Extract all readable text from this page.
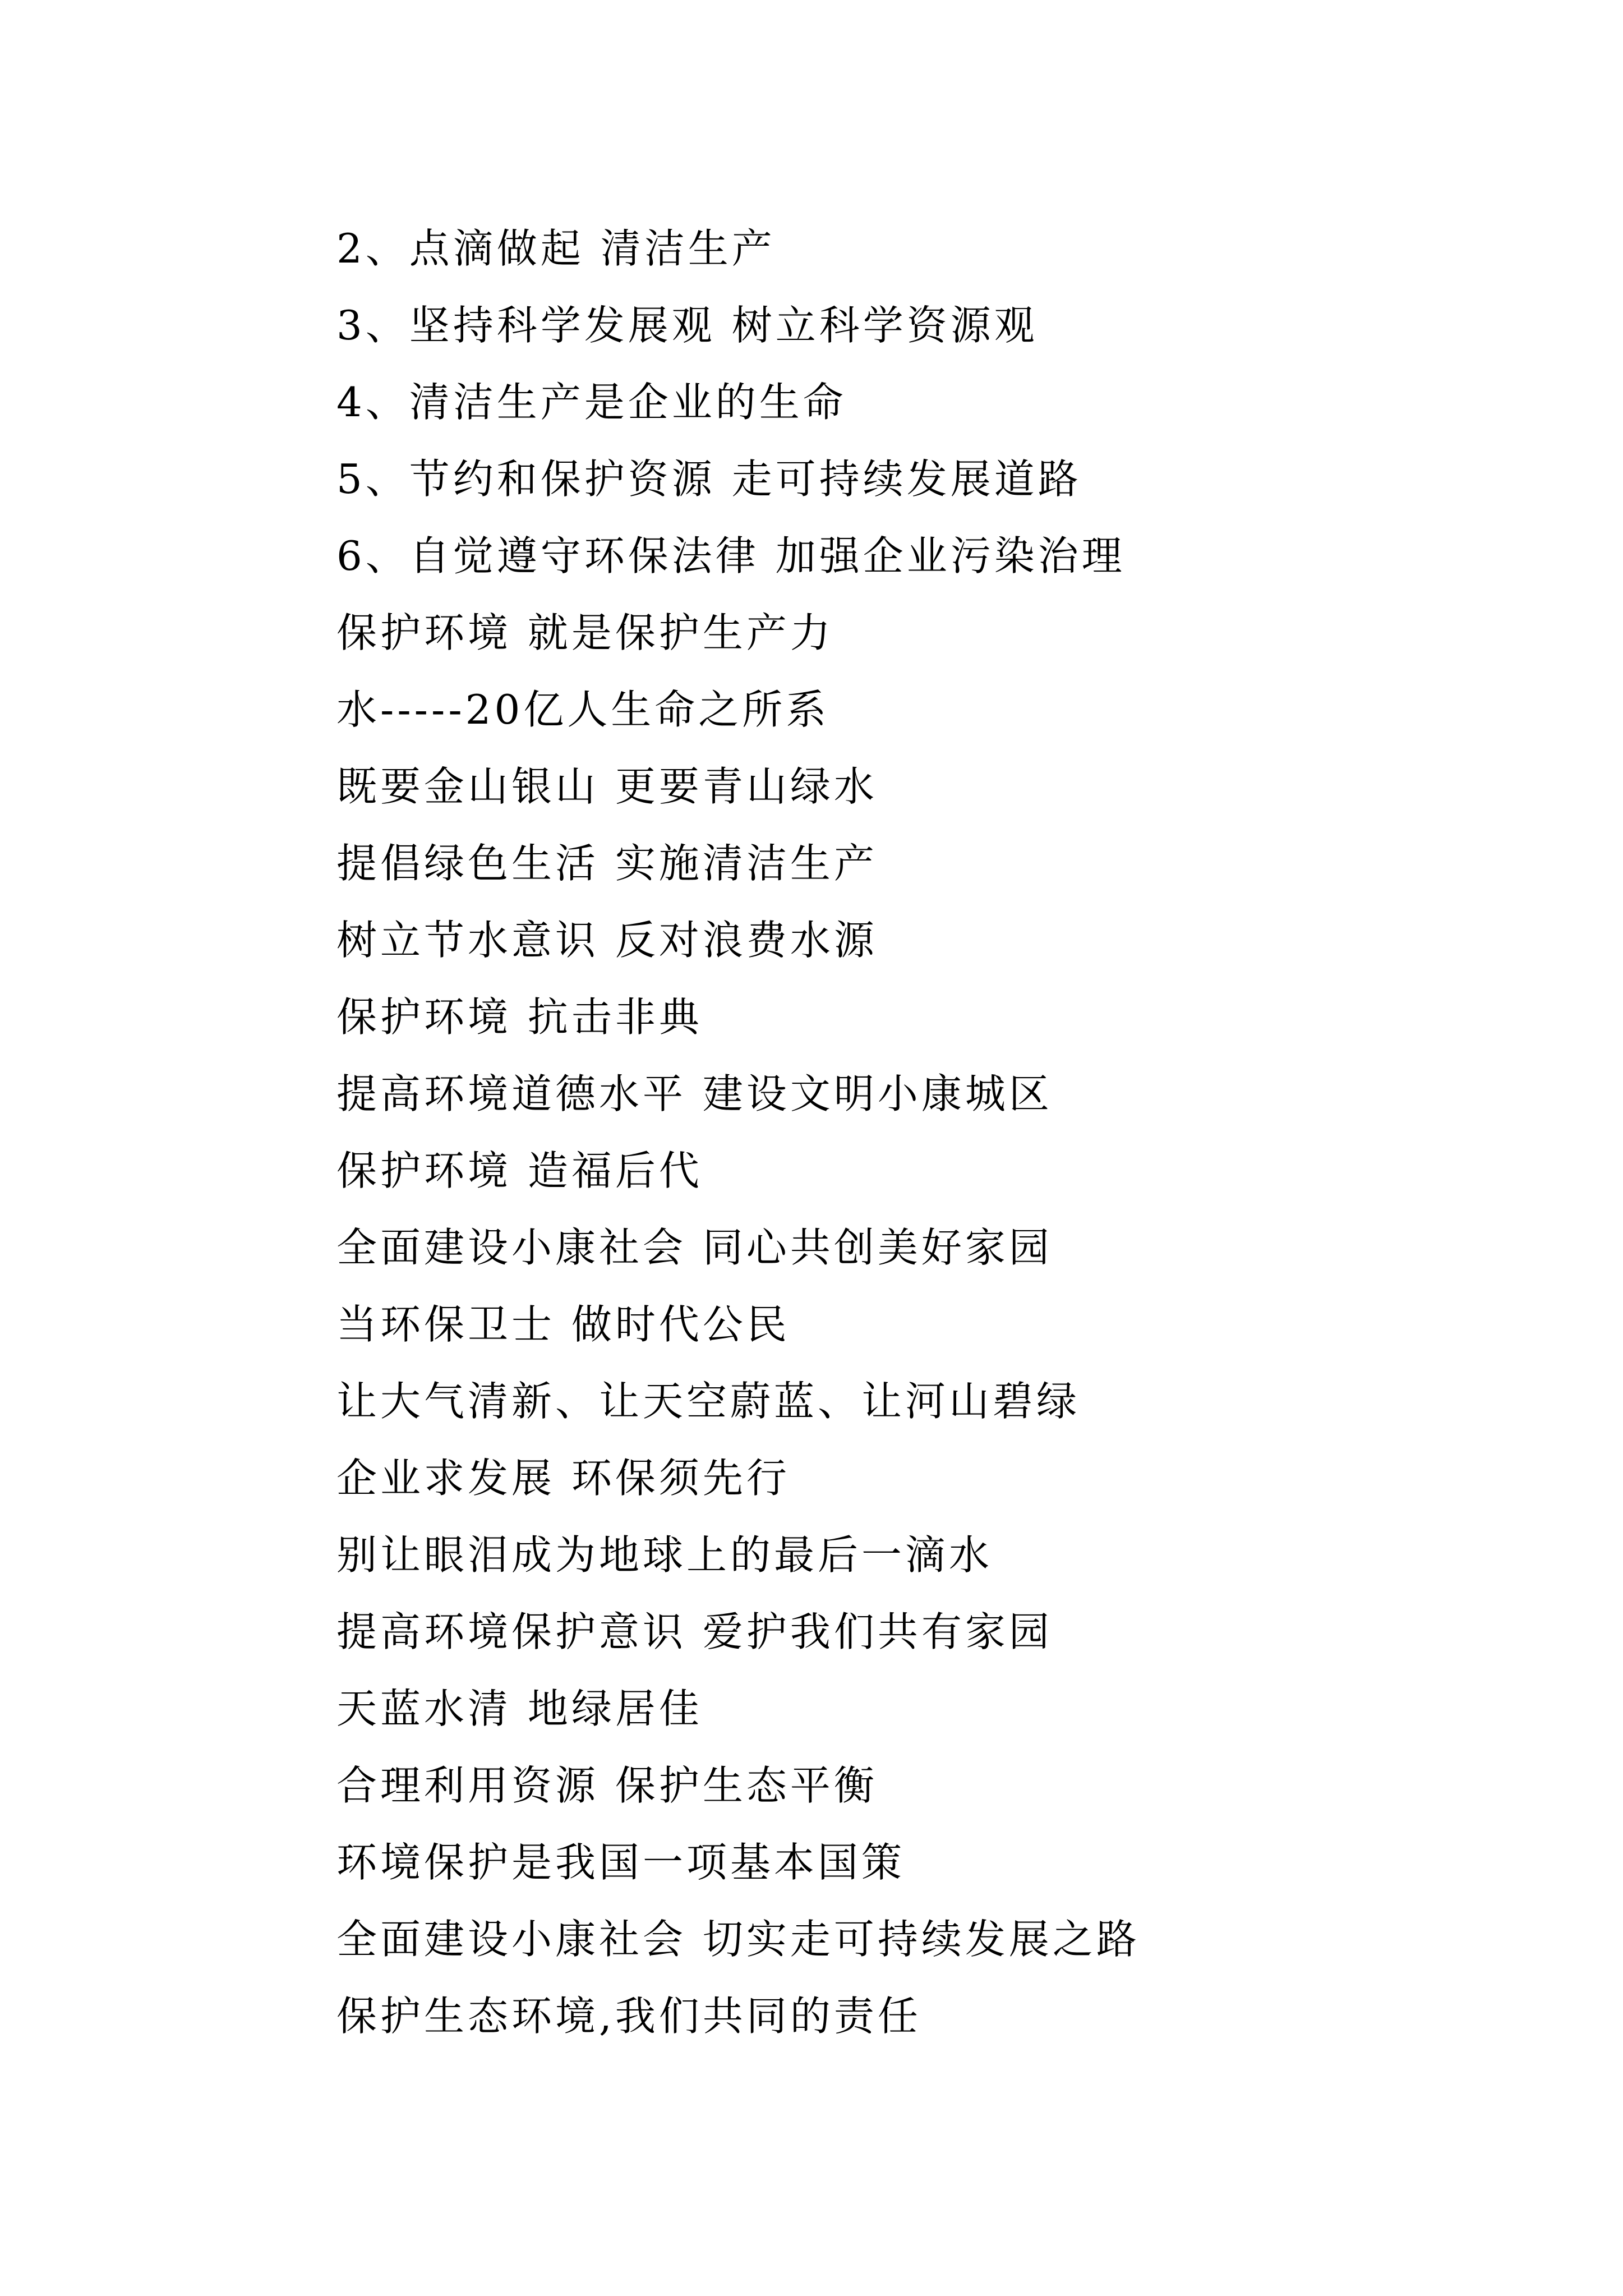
2、点滴做起 清洁生产
3、坚持科学发展观 树立科学资源观
4、清洁生产是企业的生命
5、节约和保护资源 走可持续发展道路
6、自觉遵守环保法律 加强企业污染治理
保护环境 就是保护生产力
水-----20亿人生命之所系
既要金山银山 更要青山绿水
提倡绿色生活 实施清洁生产
树立节水意识 反对浪费水源
保护环境 抗击非典
提高环境道德水平 建设文明小康城区
保护环境 造福后代
全面建设小康社会 同心共创美好家园
当环保卫士 做时代公民
让大气清新、让天空蔚蓝、让河山碧绿
企业求发展 环保须先行
别让眼泪成为地球上的最后一滴水
提高环境保护意识 爱护我们共有家园
天蓝水清 地绿居佳
合理利用资源 保护生态平衡
环境保护是我国一项基本国策
全面建设小康社会 切实走可持续发展之路
保护生态环境,我们共同的责任
